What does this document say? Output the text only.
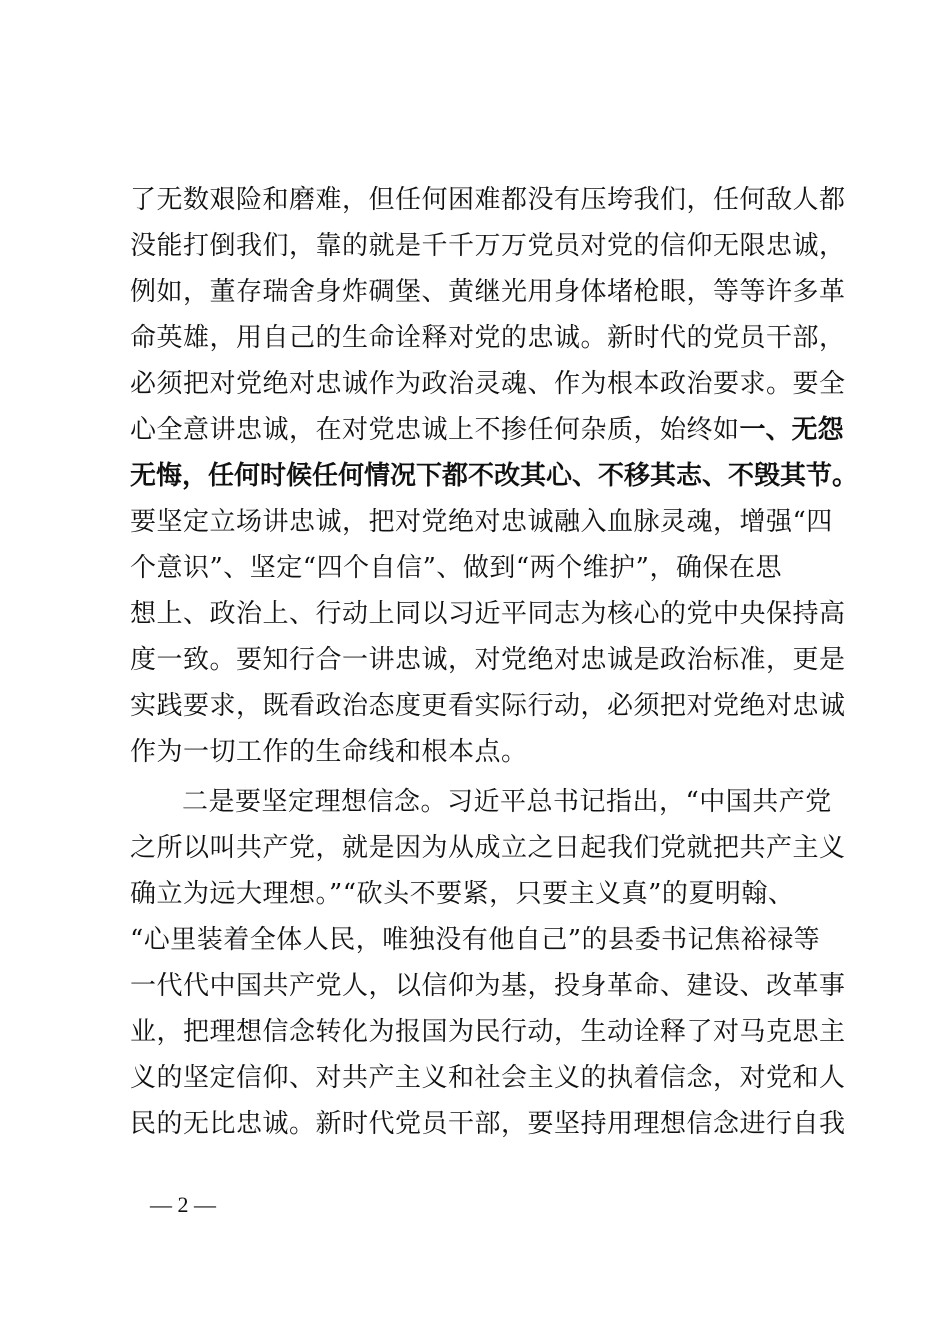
了无数艰险和磨难，但任何困难都没有压垮我们，任何敌人都
没能打倒我们，靠的就是千千万万党员对党的信仰无限忠诚，
例如，董存瑞舍身炸碉堡、黄继光用身体堵枪眼，等等许多革
命英雄，用自己的生命诠释对党的忠诚。新时代的党员干部，
必须把对党绝对忠诚作为政治灵魂、作为根本政治要求。要全
心全意讲忠诚，在对党忠诚上不掺任何杂质，始终如一、无怨
无悔，任何时候任何情况下都不改其心、不移其志、不毁其节。
要坚定立场讲忠诚，把对党绝对忠诚融入血脉灵魂，增强“四
个意识”、坚定“四个自信”、做到“两个维护”，确保在思
想上、政治上、行动上同以习近平同志为核心的党中央保持高
度一致。要知行合一讲忠诚，对党绝对忠诚是政治标准，更是
实践要求，既看政治态度更看实际行动，必须把对党绝对忠诚
作为一切工作的生命线和根本点。
二是要坚定理想信念。习近平总书记指出，“中国共产党
之所以叫共产党，就是因为从成立之日起我们党就把共产主义
确立为远大理想。”“砍头不要紧，只要主义真”的夏明翰、
“心里装着全体人民，唯独没有他自己”的县委书记焦裕禄等
一代代中国共产党人，以信仰为基，投身革命、建设、改革事
业，把理想信念转化为报国为民行动，生动诠释了对马克思主
义的坚定信仰、对共产主义和社会主义的执着信念，对党和人
民的无比忠诚。新时代党员干部，要坚持用理想信念进行自我
— 2 —
